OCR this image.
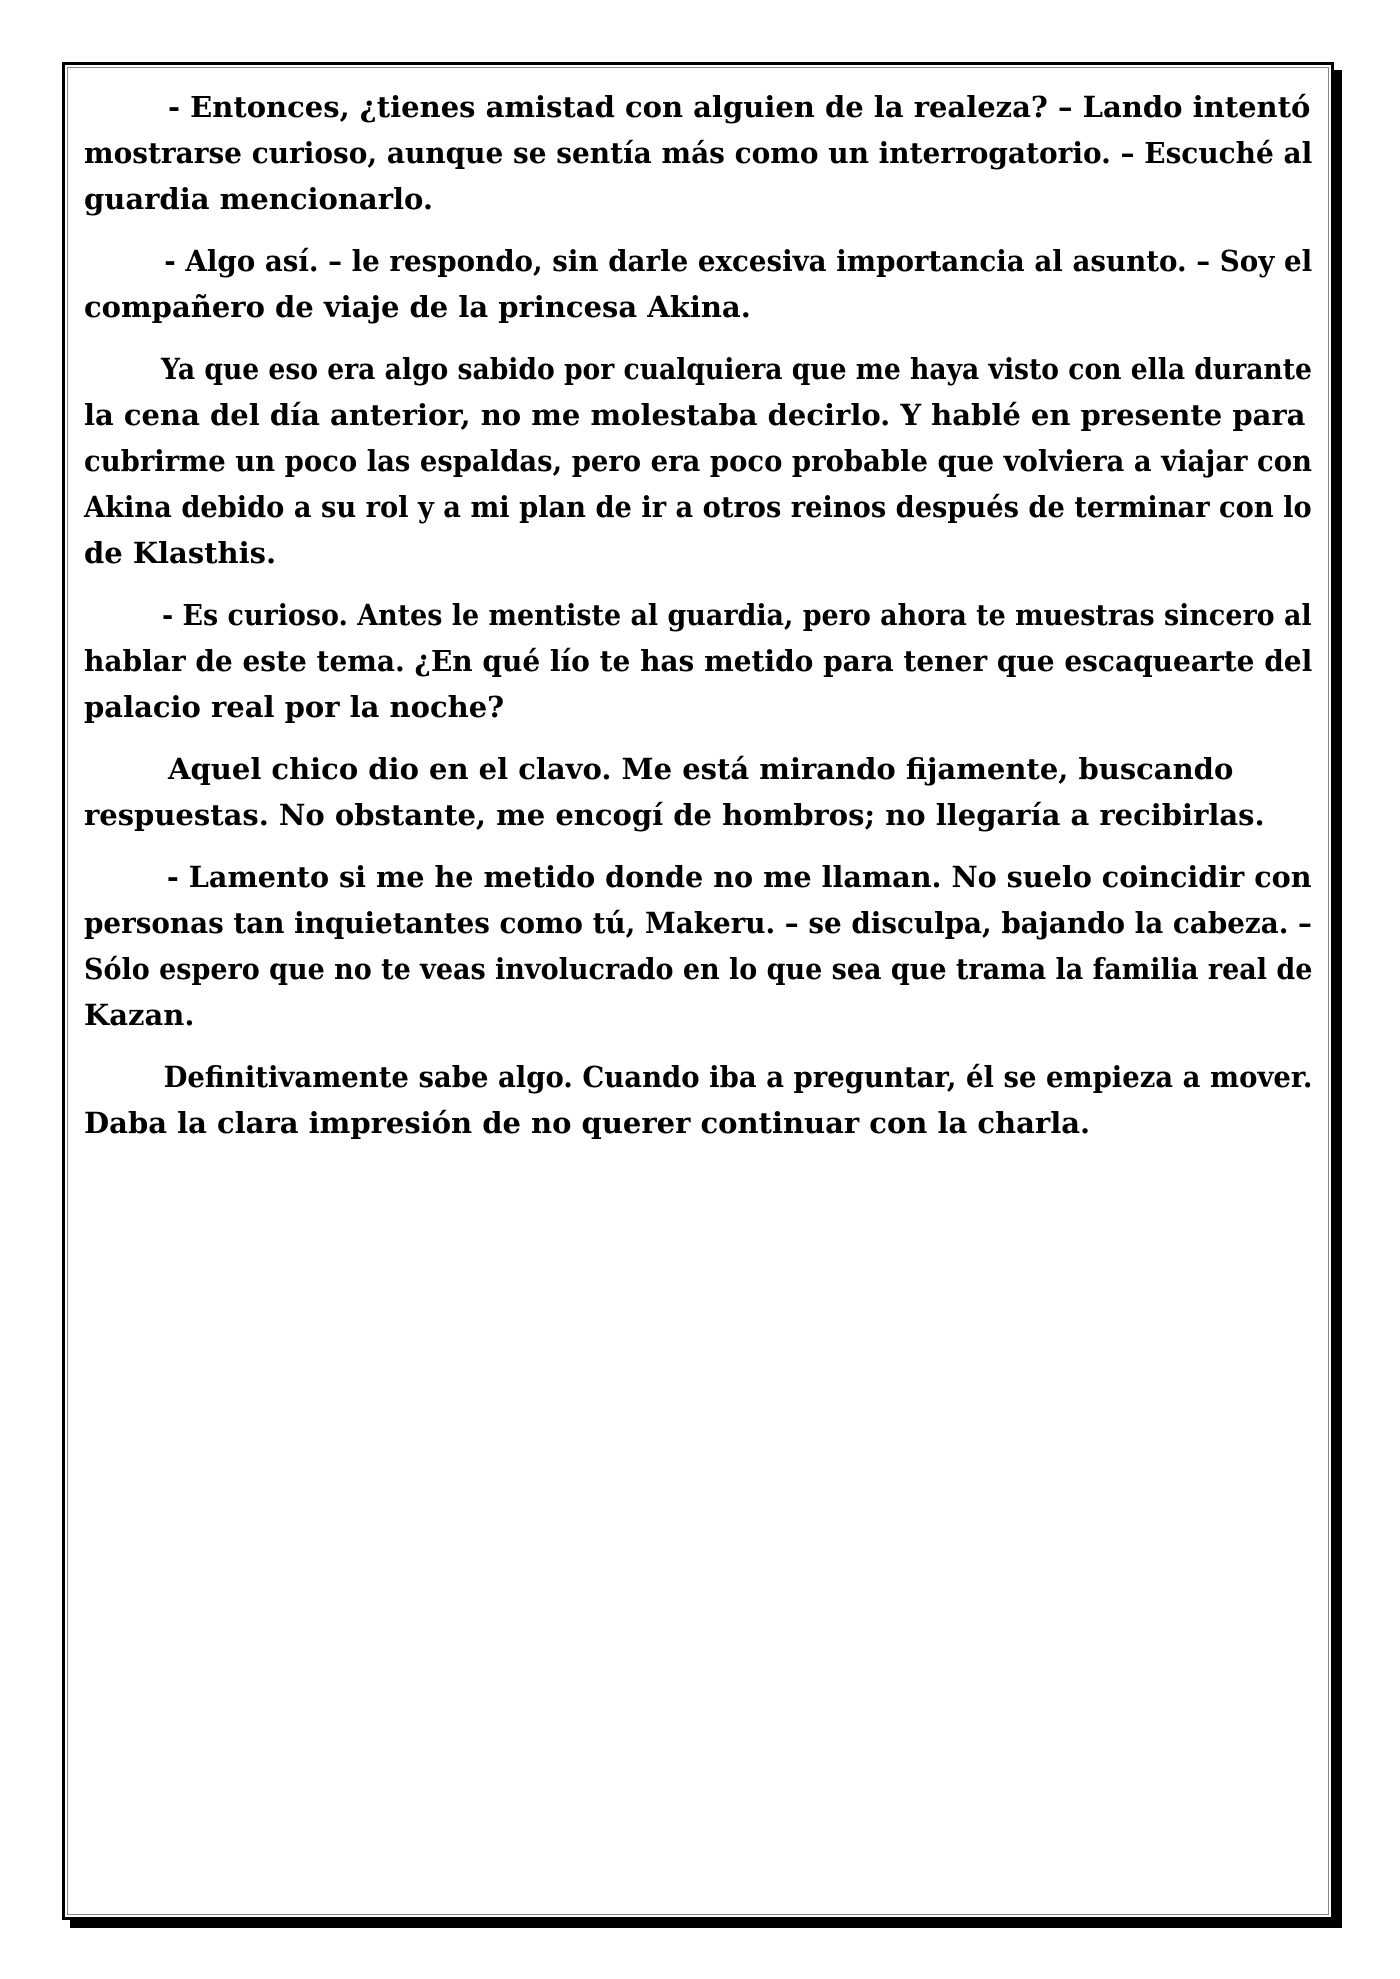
- Entonces, ¿tienes amistad con alguien de la realeza? – Lando intentó
mostrarse curioso, aunque se sentía más como un interrogatorio. – Escuché al
guardia mencionarlo.

- Algo así. – le respondo, sin darle excesiva importancia al asunto. – Soy el
compañero de viaje de la princesa Akina.

Ya que eso era algo sabido por cualquiera que me haya visto con ella durante
la cena del día anterior, no me molestaba decirlo. Y hablé en presente para
cubrirme un poco las espaldas, pero era poco probable que volviera a viajar con
Akina debido a su rol y a mi plan de ir a otros reinos después de terminar con lo
de Klasthis.

- Es curioso. Antes le mentiste al guardia, pero ahora te muestras sincero al
hablar de este tema. ¿En qué lío te has metido para tener que escaquearte del
palacio real por la noche?

Aquel chico dio en el clavo. Me está mirando fijamente, buscando
respuestas. No obstante, me encogí de hombros; no llegaría a recibirlas.

- Lamento si me he metido donde no me llaman. No suelo coincidir con
personas tan inquietantes como tú, Makeru. – se disculpa, bajando la cabeza. –
Sólo espero que no te veas involucrado en lo que sea que trama la familia real de
Kazan.

Definitivamente sabe algo. Cuando iba a preguntar, él se empieza a mover.
Daba la clara impresión de no querer continuar con la charla.
